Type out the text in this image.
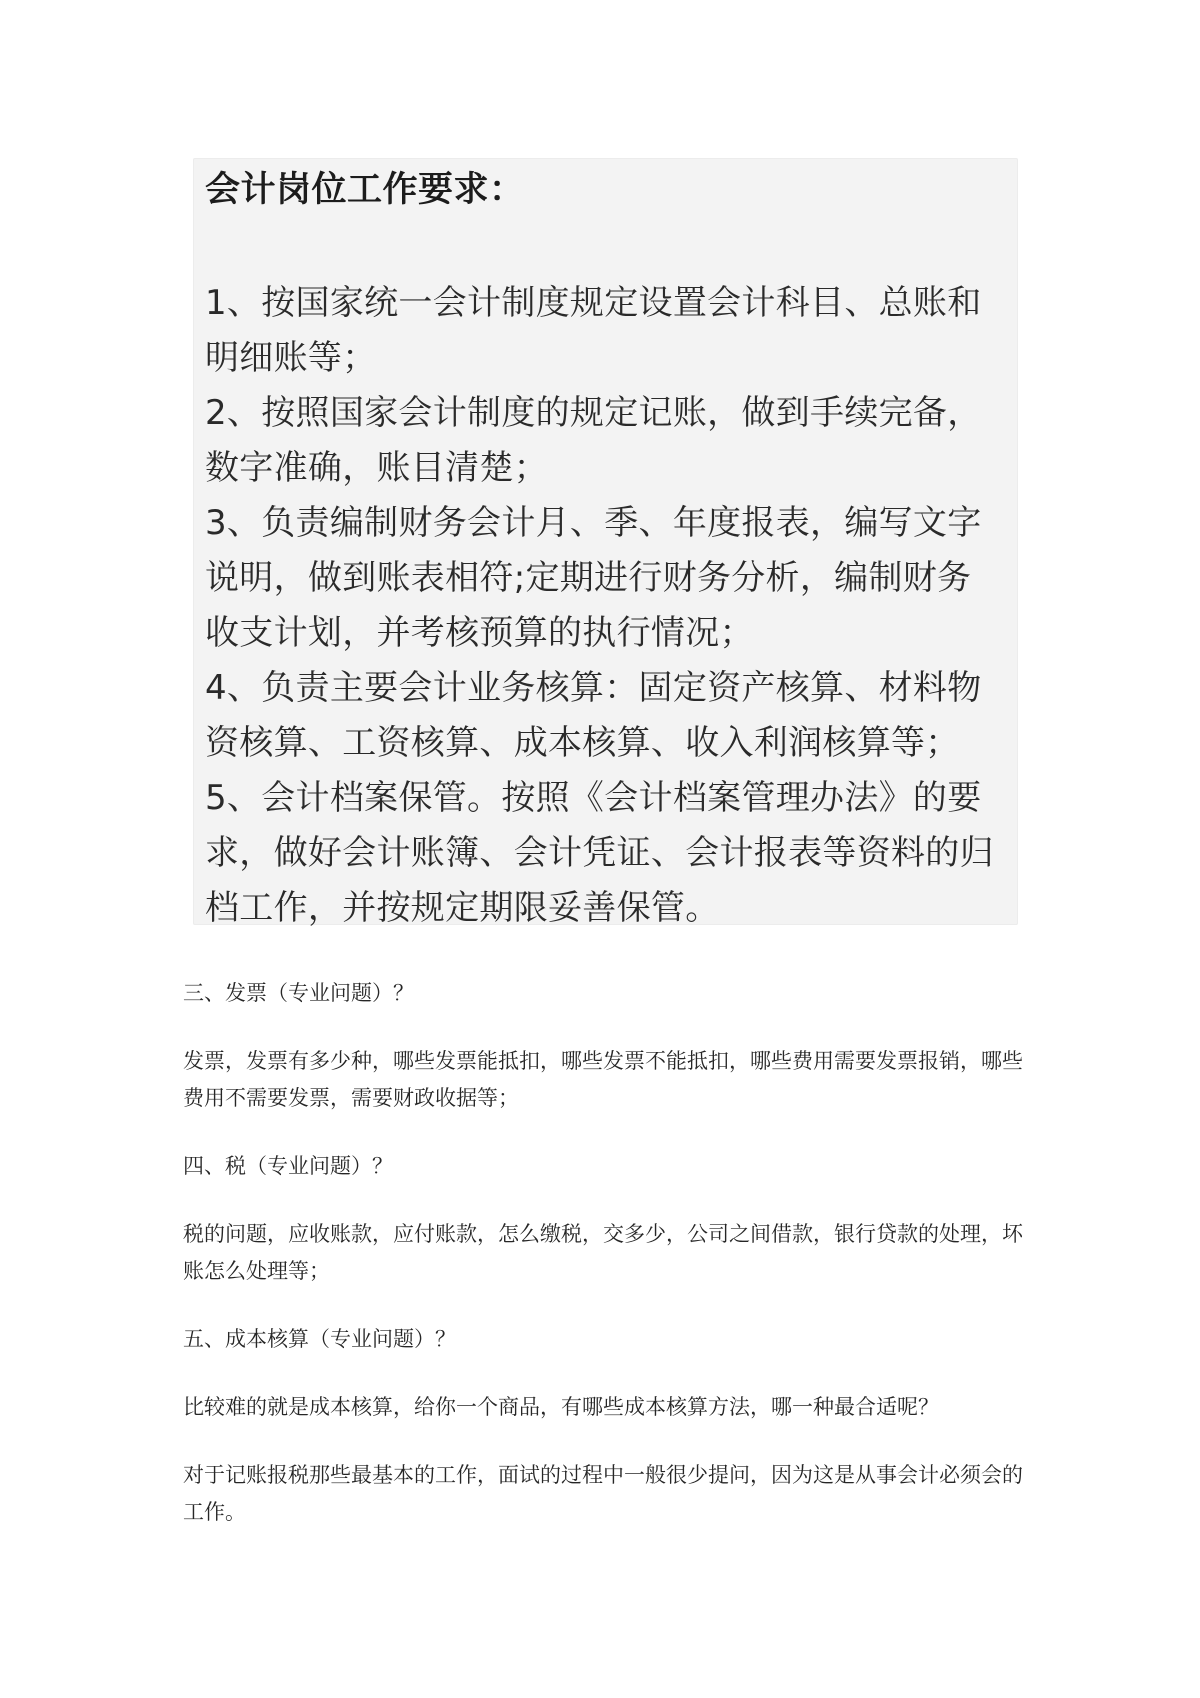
会计岗位工作要求：

1、按国家统一会计制度规定设置会计科目、总账和明细账等；

2、按照国家会计制度的规定记账，做到手续完备，数字准确，账目清楚；

3、负责编制财务会计月、季、年度报表，编写文字说明，做到账表相符;定期进行财务分析，编制财务收支计划，并考核预算的执行情况；

4、负责主要会计业务核算：固定资产核算、材料物资核算、工资核算、成本核算、收入利润核算等；

5、会计档案保管。按照《会计档案管理办法》的要求，做好会计账簿、会计凭证、会计报表等资料的归档工作，并按规定期限妥善保管。

三、发票（专业问题）？

发票，发票有多少种，哪些发票能抵扣，哪些发票不能抵扣，哪些费用需要发票报销，哪些费用不需要发票，需要财政收据等；

四、税（专业问题）？

税的问题，应收账款，应付账款，怎么缴税，交多少，公司之间借款，银行贷款的处理，坏账怎么处理等；

五、成本核算（专业问题）？

比较难的就是成本核算，给你一个商品，有哪些成本核算方法，哪一种最合适呢？

对于记账报税那些最基本的工作，面试的过程中一般很少提问，因为这是从事会计必须会的工作。
